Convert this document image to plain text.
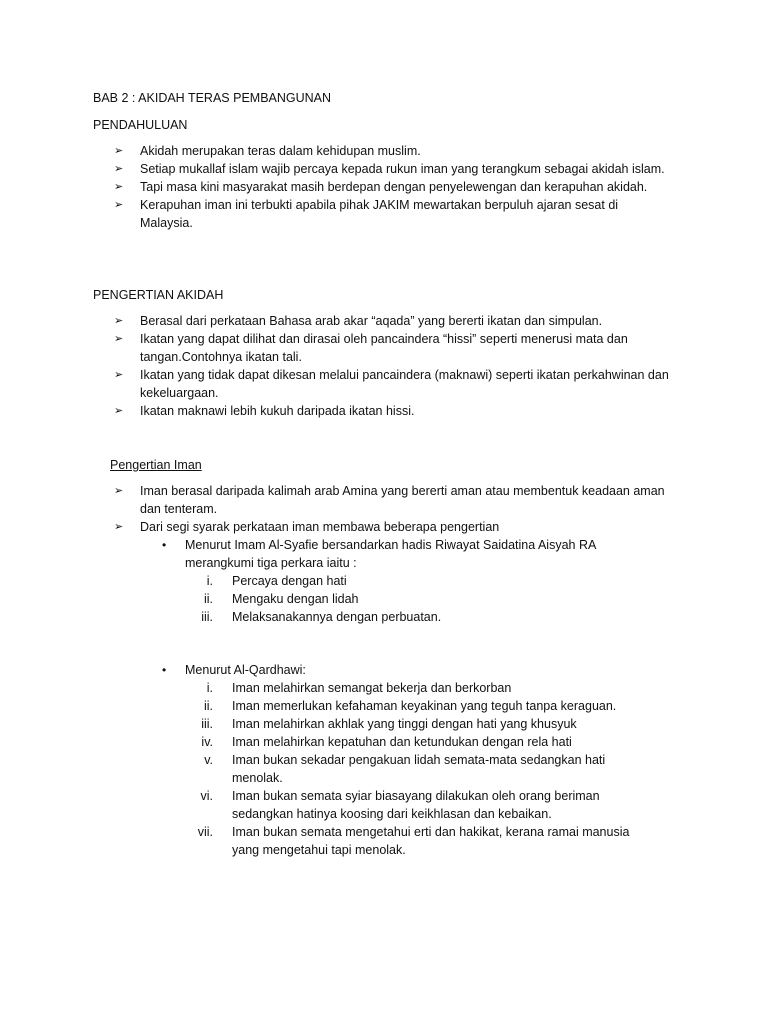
BAB 2 : AKIDAH TERAS PEMBANGUNAN
PENDAHULUAN
➢ Akidah merupakan teras dalam kehidupan muslim.
➢ Setiap mukallaf islam wajib percaya kepada rukun iman yang terangkum sebagai akidah islam.
➢ Tapi masa kini masyarakat masih berdepan dengan penyelewengan dan kerapuhan akidah.
➢ Kerapuhan iman ini terbukti apabila pihak JAKIM mewartakan berpuluh ajaran sesat di Malaysia.
PENGERTIAN AKIDAH
➢ Berasal dari perkataan Bahasa arab akar “aqada” yang bererti ikatan dan simpulan.
➢ Ikatan yang dapat dilihat dan dirasai oleh pancaindera “hissi” seperti menerusi mata dan tangan.Contohnya ikatan tali.
➢ Ikatan yang tidak dapat dikesan melalui pancaindera (maknawi) seperti ikatan perkahwinan dan kekeluargaan.
➢ Ikatan maknawi lebih kukuh daripada ikatan hissi.
Pengertian Iman
➢ Iman berasal daripada kalimah arab Amina yang bererti aman atau membentuk keadaan aman dan tenteram.
➢ Dari segi syarak perkataan iman membawa beberapa pengertian
• Menurut Imam Al-Syafie bersandarkan hadis Riwayat Saidatina Aisyah RA merangkumi tiga perkara iaitu :
i. Percaya dengan hati
ii. Mengaku dengan lidah
iii. Melaksanakannya dengan perbuatan.
• Menurut Al-Qardhawi:
i. Iman melahirkan semangat bekerja dan berkorban
ii. Iman memerlukan kefahaman keyakinan yang teguh tanpa keraguan.
iii. Iman melahirkan akhlak yang tinggi dengan hati yang khusyuk
iv. Iman melahirkan kepatuhan dan ketundukan dengan rela hati
v. Iman bukan sekadar pengakuan lidah semata-mata sedangkan hati menolak.
vi. Iman bukan semata syiar biasayang dilakukan oleh orang beriman sedangkan hatinya koosing dari keikhlasan dan kebaikan.
vii. Iman bukan semata mengetahui erti dan hakikat, kerana ramai manusia yang mengetahui tapi menolak.
